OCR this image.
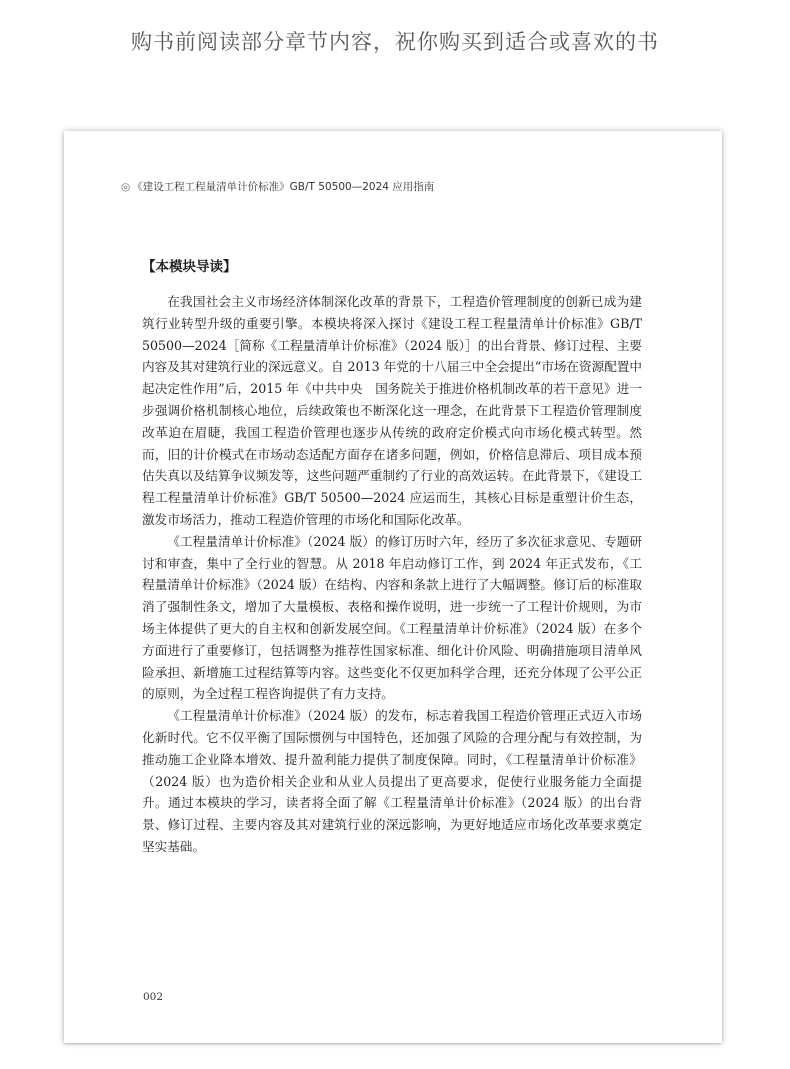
购书前阅读部分章节内容，祝你购买到适合或喜欢的书
◎ 《建设工程工程量清单计价标准》GB/T 50500—2024 应用指南
【本模块导读】

在我国社会主义市场经济体制深化改革的背景下，工程造价管理制度的创新已成为建筑行业转型升级的重要引擎。本模块将深入探讨《建设工程工程量清单计价标准》GB/T 50500—2024［简称《工程量清单计价标准》（2024 版）］的出台背景、修订过程、主要内容及其对建筑行业的深远意义。自 2013 年党的十八届三中全会提出“市场在资源配置中起决定性作用”后，2015 年《中共中央　国务院关于推进价格机制改革的若干意见》进一步强调价格机制核心地位，后续政策也不断深化这一理念，在此背景下工程造价管理制度改革迫在眉睫，我国工程造价管理也逐步从传统的政府定价模式向市场化模式转型。然而，旧的计价模式在市场动态适配方面存在诸多问题，例如，价格信息滞后、项目成本预估失真以及结算争议频发等，这些问题严重制约了行业的高效运转。在此背景下，《建设工程工程量清单计价标准》GB/T 50500—2024 应运而生，其核心目标是重塑计价生态，激发市场活力，推动工程造价管理的市场化和国际化改革。

《工程量清单计价标准》（2024 版）的修订历时六年，经历了多次征求意见、专题研讨和审查，集中了全行业的智慧。从 2018 年启动修订工作，到 2024 年正式发布，《工程量清单计价标准》（2024 版）在结构、内容和条款上进行了大幅调整。修订后的标准取消了强制性条文，增加了大量模板、表格和操作说明，进一步统一了工程计价规则，为市场主体提供了更大的自主权和创新发展空间。《工程量清单计价标准》（2024 版）在多个方面进行了重要修订，包括调整为推荐性国家标准、细化计价风险、明确措施项目清单风险承担、新增施工过程结算等内容。这些变化不仅更加科学合理，还充分体现了公平公正的原则，为全过程工程咨询提供了有力支持。

《工程量清单计价标准》（2024 版）的发布，标志着我国工程造价管理正式迈入市场化新时代。它不仅平衡了国际惯例与中国特色，还加强了风险的合理分配与有效控制，为推动施工企业降本增效、提升盈利能力提供了制度保障。同时，《工程量清单计价标准》（2024 版）也为造价相关企业和从业人员提出了更高要求，促使行业服务能力全面提升。通过本模块的学习，读者将全面了解《工程量清单计价标准》（2024 版）的出台背景、修订过程、主要内容及其对建筑行业的深远影响，为更好地适应市场化改革要求奠定坚实基础。

002
